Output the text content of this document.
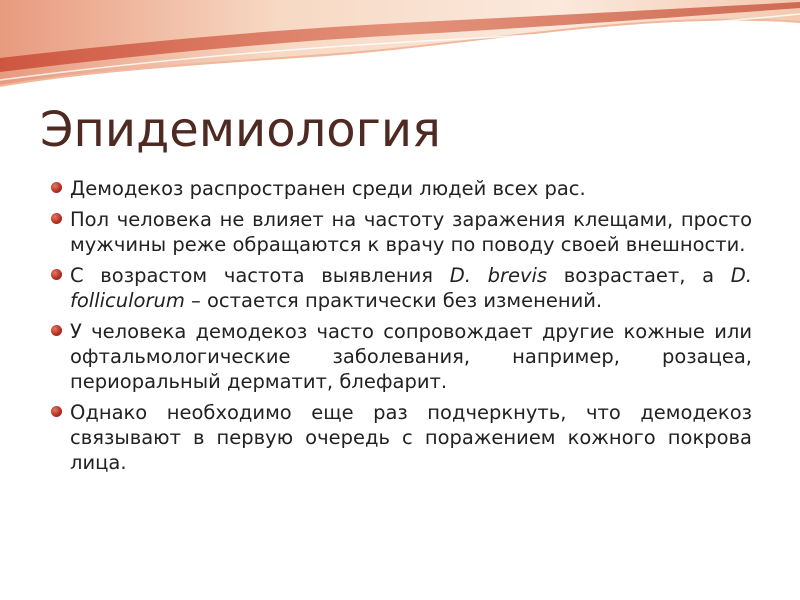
Эпидемиология
Демодекоз распространен среди людей всех рас.
Пол человека не влияет на частоту заражения клещами, просто мужчины реже обращаются к врачу по поводу своей внешности.
С возрастом частота выявления D. brevis возрастает, а D. folliculorum – остается практически без изменений.
У человека демодекоз часто сопровождает другие кожные или офтальмологические заболевания, например, розацеа, периоральный дерматит, блефарит.
Однако необходимо еще раз подчеркнуть, что демодекоз связывают в первую очередь с поражением кожного покрова лица.
